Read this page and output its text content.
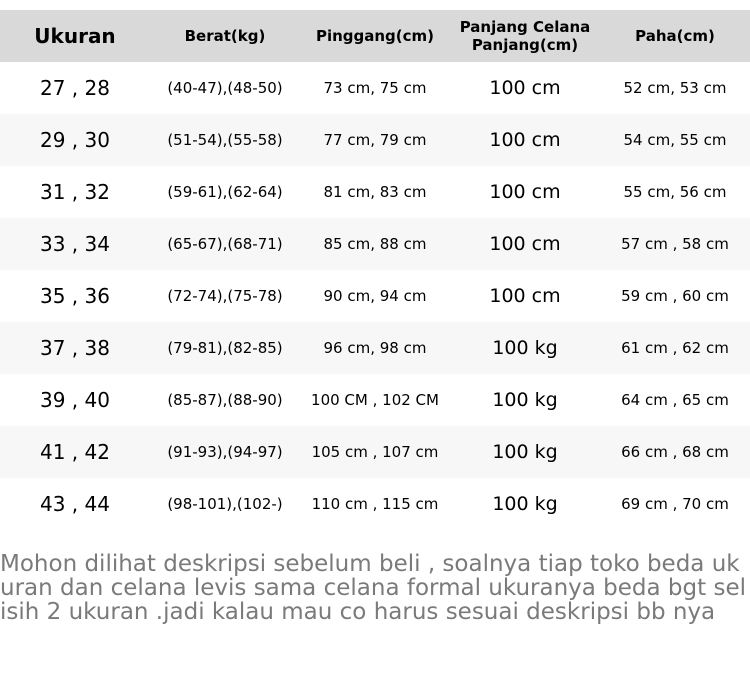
Ukuran	Berat(kg)	Pinggang(cm)	Panjang Celana Panjang(cm)	Paha(cm)
27 , 28	(40-47),(48-50)	73 cm, 75 cm	100 cm	52 cm, 53 cm
29 , 30	(51-54),(55-58)	77 cm, 79 cm	100 cm	54 cm, 55 cm
31 , 32	(59-61),(62-64)	81 cm, 83 cm	100 cm	55 cm, 56 cm
33 , 34	(65-67),(68-71)	85 cm, 88 cm	100 cm	57 cm , 58 cm
35 , 36	(72-74),(75-78)	90 cm, 94 cm	100 cm	59 cm , 60 cm
37 , 38	(79-81),(82-85)	96 cm, 98 cm	100 kg	61 cm , 62 cm
39 , 40	(85-87),(88-90)	100 CM , 102 CM	100 kg	64 cm , 65 cm
41 , 42	(91-93),(94-97)	105 cm , 107 cm	100 kg	66 cm , 68 cm
43 , 44	(98-101),(102-)	110 cm , 115 cm	100 kg	69 cm , 70 cm

Mohon dilihat deskripsi sebelum beli , soalnya tiap toko beda ukuran dan celana levis sama celana formal ukuranya beda bgt selisih 2 ukuran .jadi kalau mau co harus sesuai deskripsi bb nya
